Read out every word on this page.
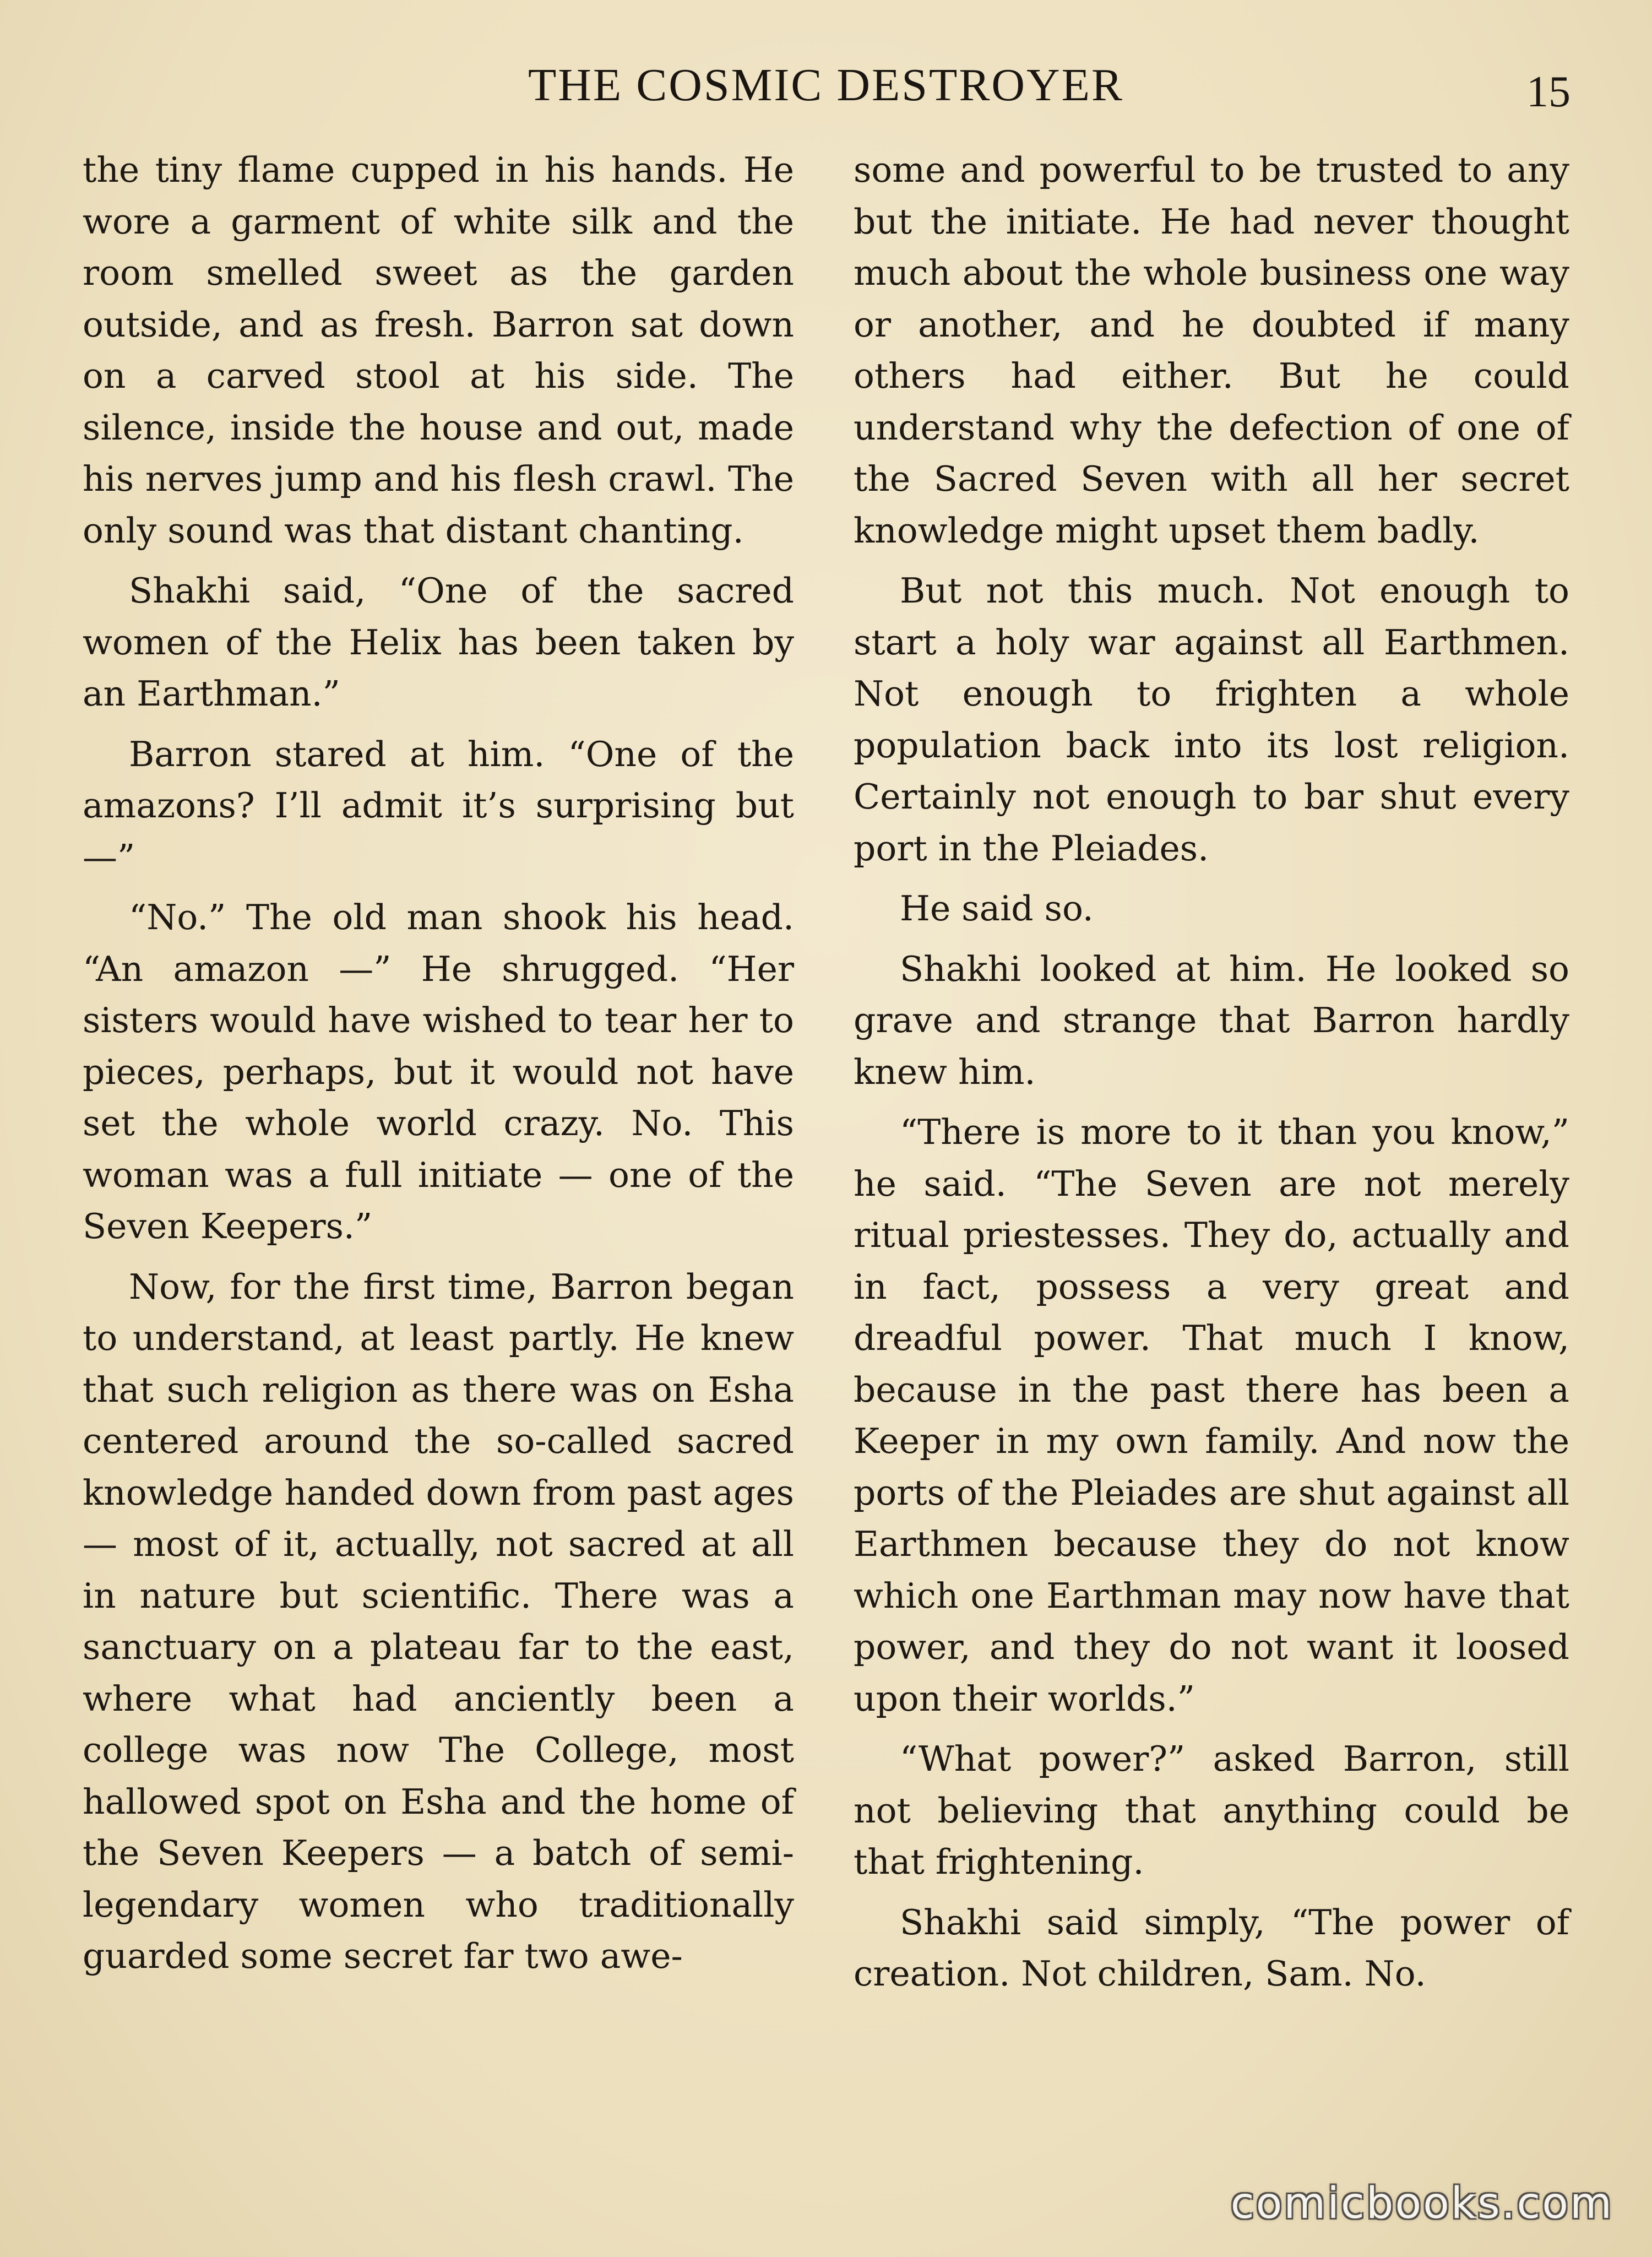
THE COSMIC DESTROYER	15

the tiny flame cupped in his hands. He wore a garment of white silk and the room smelled sweet as the garden outside, and as fresh. Barron sat down on a carved stool at his side. The silence, inside the house and out, made his nerves jump and his flesh crawl. The only sound was that distant chanting.

Shakhi said, “One of the sacred women of the Helix has been taken by an Earthman.”

Barron stared at him. “One of the amazons? I’ll admit it’s surprising but —”

“No.” The old man shook his head. “An amazon —” He shrugged. “Her sisters would have wished to tear her to pieces, perhaps, but it would not have set the whole world crazy. No. This woman was a full initiate — one of the Seven Keepers.”

Now, for the first time, Barron began to understand, at least partly. He knew that such religion as there was on Esha centered around the so-called sacred knowledge handed down from past ages — most of it, actually, not sacred at all in nature but scientific. There was a sanctuary on a plateau far to the east, where what had anciently been a college was now The College, most hallowed spot on Esha and the home of the Seven Keepers — a batch of semi-legendary women who traditionally guarded some secret far two awe-

some and powerful to be trusted to any but the initiate. He had never thought much about the whole business one way or another, and he doubted if many others had either. But he could understand why the defection of one of the Sacred Seven with all her secret knowledge might upset them badly.

But not this much. Not enough to start a holy war against all Earthmen. Not enough to frighten a whole population back into its lost religion. Certainly not enough to bar shut every port in the Pleiades.

He said so.

Shakhi looked at him. He looked so grave and strange that Barron hardly knew him.

“There is more to it than you know,” he said. “The Seven are not merely ritual priestesses. They do, actually and in fact, possess a very great and dreadful power. That much I know, because in the past there has been a Keeper in my own family. And now the ports of the Pleiades are shut against all Earthmen because they do not know which one Earthman may now have that power, and they do not want it loosed upon their worlds.”

“What power?” asked Barron, still not believing that anything could be that frightening.

Shakhi said simply, “The power of creation. Not children, Sam. No.

comicbooks.com
